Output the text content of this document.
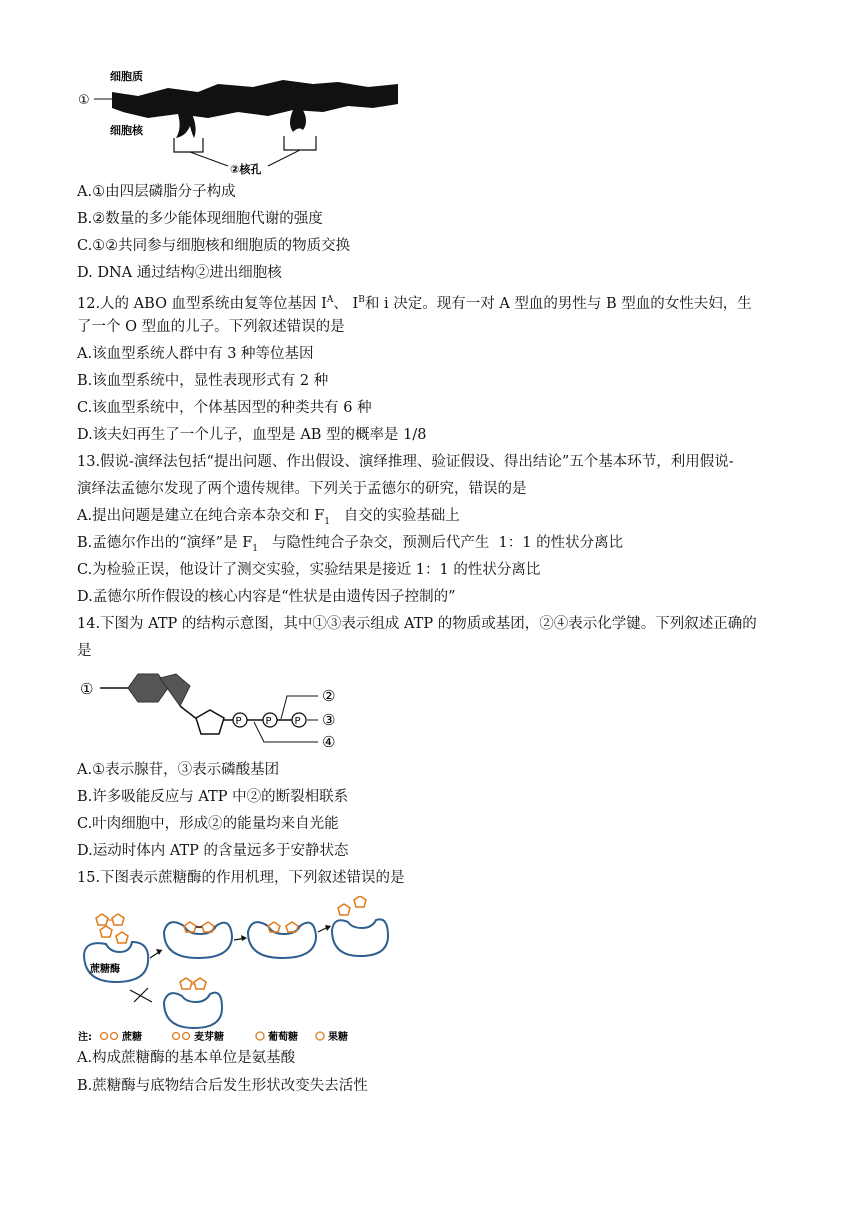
细胞质
①
细胞核
②核孔
A.①由四层磷脂分子构成
B.②数量的多少能体现细胞代谢的强度
C.①②共同参与细胞核和细胞质的物质交换
D. DNA 通过结构②进出细胞核
12.人的 ABO 血型系统由复等位基因 $I^A$、 $I^B$和 i 决定。现有一对 A 型血的男性与 B 型血的女性夫妇，生
了一个 O 型血的儿子。下列叙述错误的是
A.该血型系统人群中有 3 种等位基因
B.该血型系统中，显性表现形式有 2 种
C.该血型系统中，个体基因型的种类共有 6 种
D.该夫妇再生了一个儿子，血型是 AB 型的概率是 1/8
13.假说-演绎法包括“提出问题、作出假设、演绎推理、验证假设、得出结论”五个基本环节，利用假说-
演绎法孟德尔发现了两个遗传规律。下列关于孟德尔的研究，错误的是
A.提出问题是建立在纯合亲本杂交和 $F_1$   自交的实验基础上
B.孟德尔作出的“演绎”是 $F_1$   与隐性纯合子杂交，预测后代产生  1：1 的性状分离比
C.为检验正误，他设计了测交实验，实验结果是接近 1：1 的性状分离比
D.孟德尔所作假设的核心内容是“性状是由遗传因子控制的”
14.下图为 ATP 的结构示意图，其中①③表示组成 ATP 的物质或基团，②④表示化学键。下列叙述正确的
是
①
P P P
②
③
④
A.①表示腺苷，③表示磷酸基团
B.许多吸能反应与 ATP 中②的断裂相联系
C.叶肉细胞中，形成②的能量均来自光能
D.运动时体内 ATP 的含量远多于安静状态
15.下图表示蔗糖酶的作用机理，下列叙述错误的是
蔗糖酶
注:	蔗糖	麦芽糖	葡萄糖	果糖
A.构成蔗糖酶的基本单位是氨基酸
B.蔗糖酶与底物结合后发生形状改变失去活性
